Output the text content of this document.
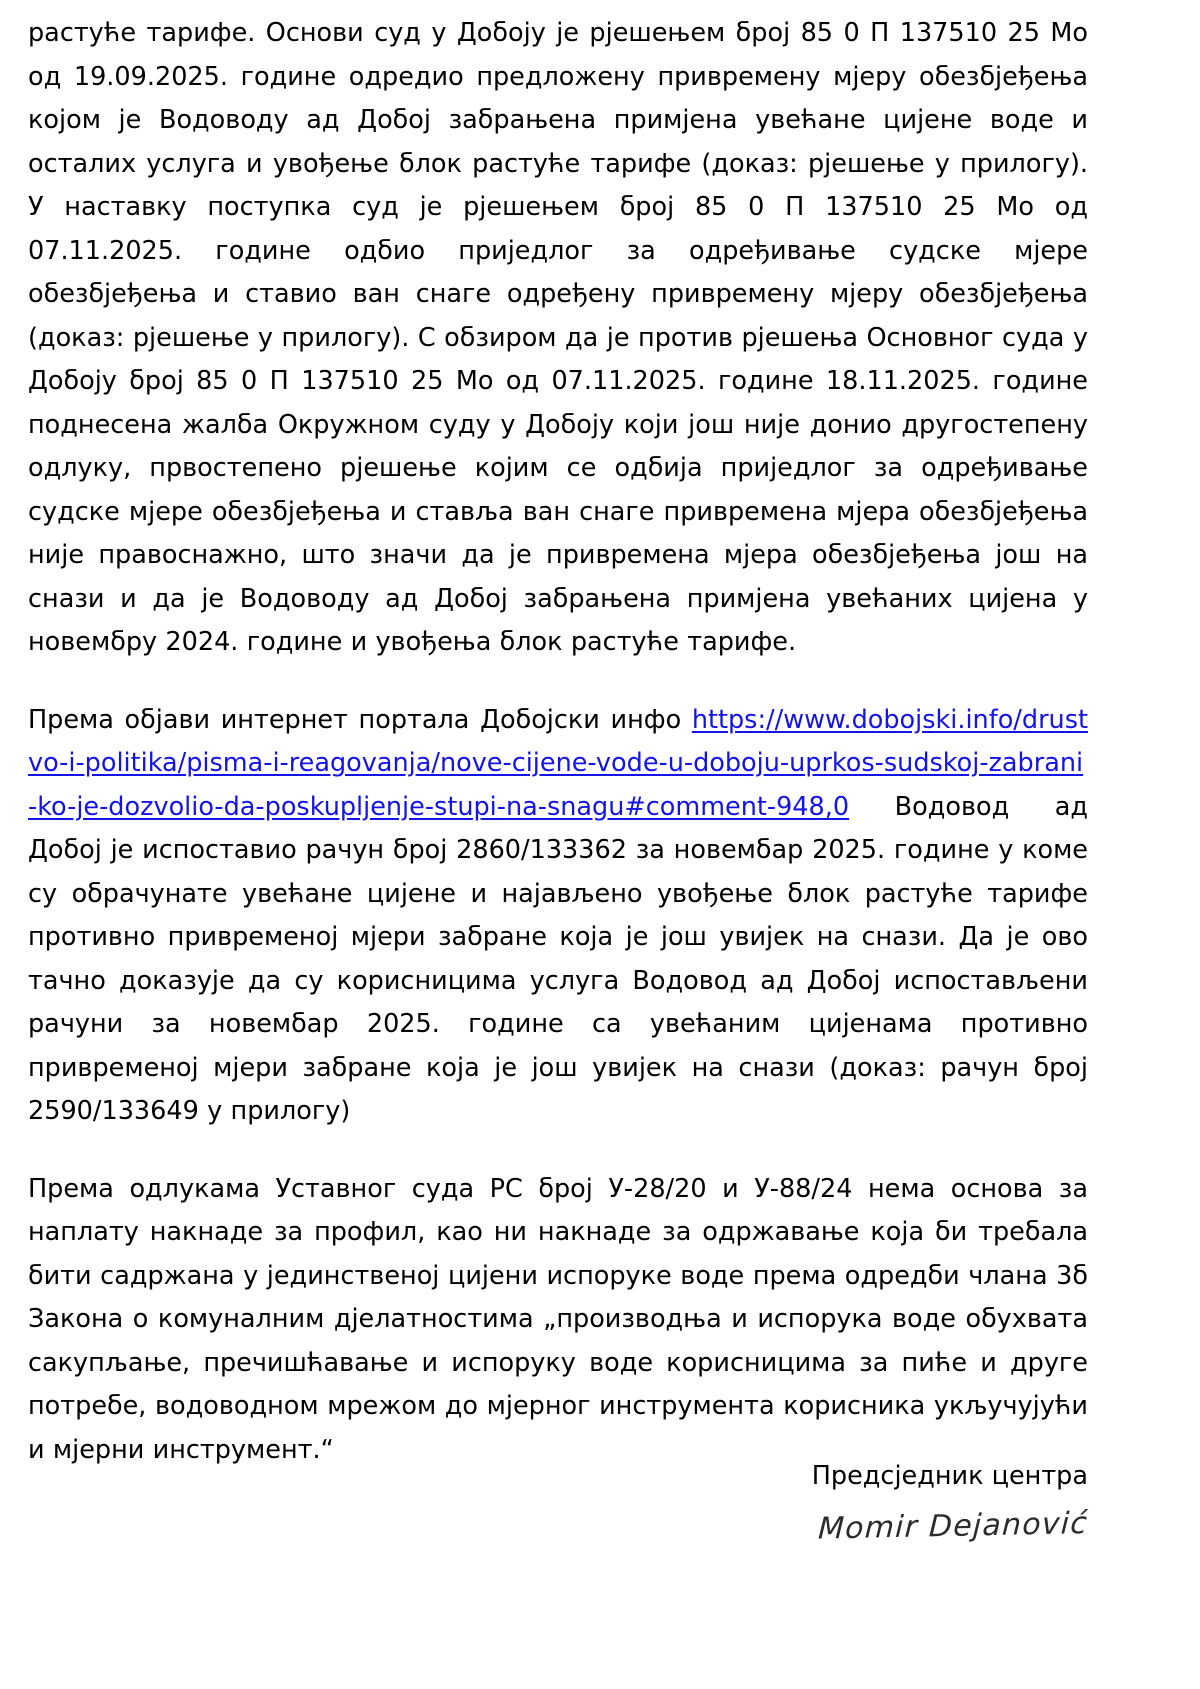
растуће тарифе. Основи суд у Добоју је рјешењем број 85 0 П 137510 25 Мо од 19.09.2025. године одредио предложену привремену мјеру обезбјеђења којом је Водоводу ад Добој забрањена примјена увећане цијене воде и осталих услуга и увођење блок растуће тарифе (доказ: рјешење у прилогу). У наставку поступка суд је рјешењем број 85 0 П 137510 25 Мо од 07.11.2025. године одбио приједлог за одређивање судске мјере обезбјеђења и ставио ван снаге одређену привремену мјеру обезбјеђења (доказ: рјешење у прилогу). С обзиром да је против рјешења Основног суда у Добоју број 85 0 П 137510 25 Мо од 07.11.2025. године 18.11.2025. године поднесена жалба Окружном суду у Добоју који још није донио другостепену одлуку, првостепено рјешење којим се одбија приједлог за одређивање судске мјере обезбјеђења и ставља ван снаге привремена мјера обезбјеђења није правоснажно, што значи да је привремена мјера обезбјеђења још на снази и да је Водоводу ад Добој забрањена примјена увећаних цијена у новембру 2024. године и увођења блок растуће тарифе.

Према објави интернет портала Добојски инфо https://www.dobojski.info/drustvo-i-politika/pisma-i-reagovanja/nove-cijene-vode-u-doboju-uprkos-sudskoj-zabrani-ko-je-dozvolio-da-poskupljenje-stupi-na-snagu#comment-948,0 Водовод ад Добој је испоставио рачун број 2860/133362 за новембар 2025. године у коме су обрачунате увећане цијене и најављено увођење блок растуће тарифе противно привременој мјери забране која је још увијек на снази. Да је ово тачно доказује да су корисницима услуга Водовод ад Добој испостављени рачуни за новембар 2025. године са увећаним цијенама противно привременој мјери забране која је још увијек на снази (доказ: рачун број 2590/133649 у прилогу)

Према одлукама Уставног суда РС број У-28/20 и У-88/24 нема основа за наплату накнаде за профил, као ни накнаде за одржавање која би требала бити садржана у јединственој цијени испоруке воде према одредби члана 3б Закона о комуналним дјелатностима „производња и испорука воде обухвата сакупљање, пречишћавање и испоруку воде корисницима за пиће и друге потребе, водоводном мрежом до мјерног инструмента корисника укључујући и мјерни инструмент.“

Предсједник центра
Momir Dejanović
